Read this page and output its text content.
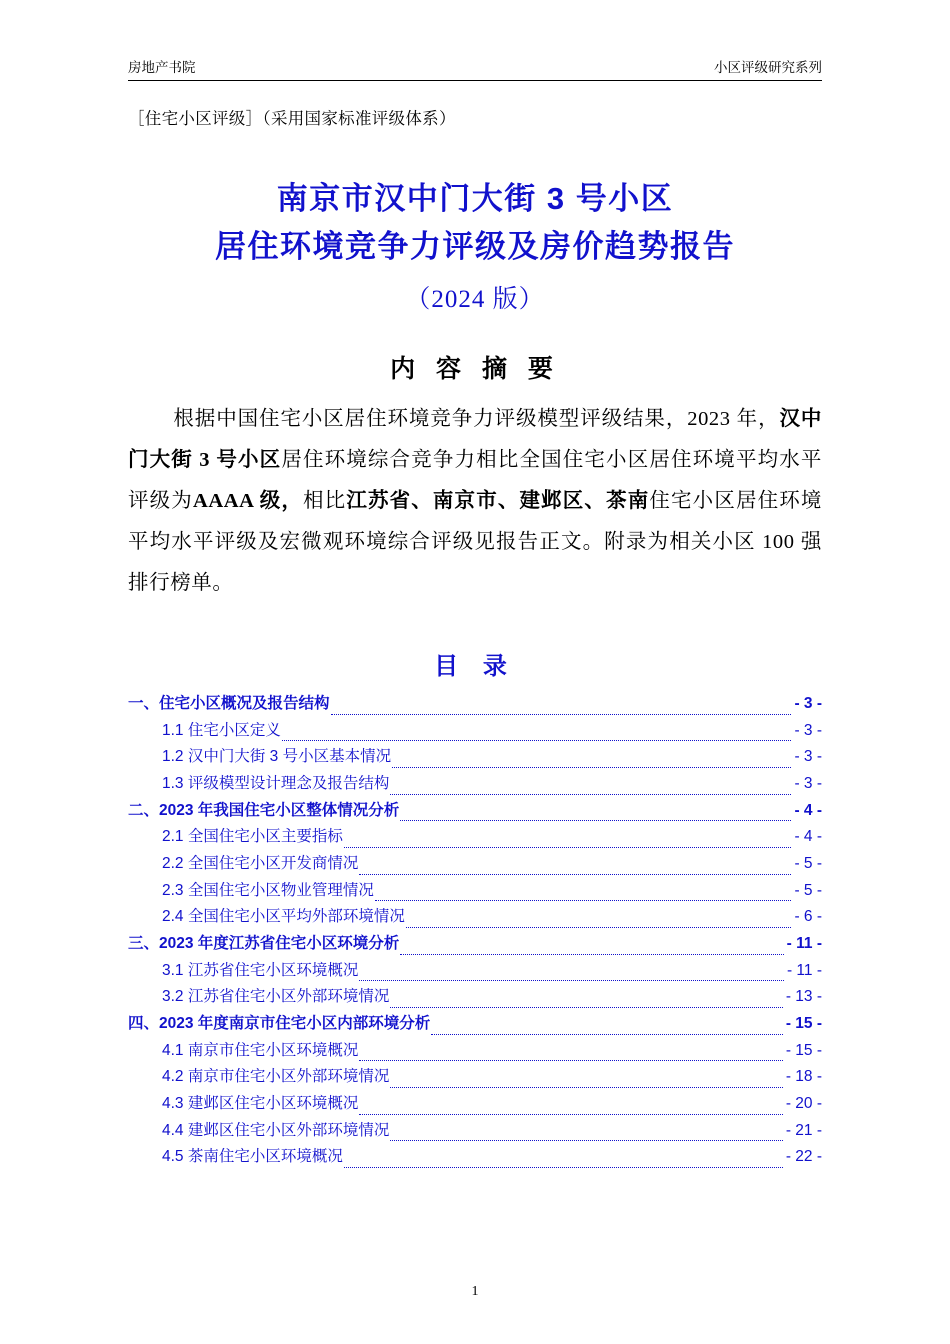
房地产书院	小区评级研究系列
［住宅小区评级］（采用国家标准评级体系）
南京市汉中门大街 3 号小区
居住环境竞争力评级及房价趋势报告
（2024 版）
内 容 摘 要
根据中国住宅小区居住环境竞争力评级模型评级结果，2023 年，汉中门大街 3 号小区居住环境综合竞争力相比全国住宅小区居住环境平均水平评级为AAAA 级，相比江苏省、南京市、建邺区、茶南住宅小区居住环境平均水平评级及宏微观环境综合评级见报告正文。附录为相关小区 100 强排行榜单。
目 录
一、住宅小区概况及报告结构	- 3 -
1.1 住宅小区定义	- 3 -
1.2 汉中门大街 3 号小区基本情况	- 3 -
1.3 评级模型设计理念及报告结构	- 3 -
二、2023 年我国住宅小区整体情况分析	- 4 -
2.1 全国住宅小区主要指标	- 4 -
2.2 全国住宅小区开发商情况	- 5 -
2.3 全国住宅小区物业管理情况	- 5 -
2.4 全国住宅小区平均外部环境情况	- 6 -
三、2023 年度江苏省住宅小区环境分析	- 11 -
3.1 江苏省住宅小区环境概况	- 11 -
3.2 江苏省住宅小区外部环境情况	- 13 -
四、2023 年度南京市住宅小区内部环境分析	- 15 -
4.1 南京市住宅小区环境概况	- 15 -
4.2 南京市住宅小区外部环境情况	- 18 -
4.3 建邺区住宅小区环境概况	- 20 -
4.4 建邺区住宅小区外部环境情况	- 21 -
4.5 茶南住宅小区环境概况	- 22 -
1
